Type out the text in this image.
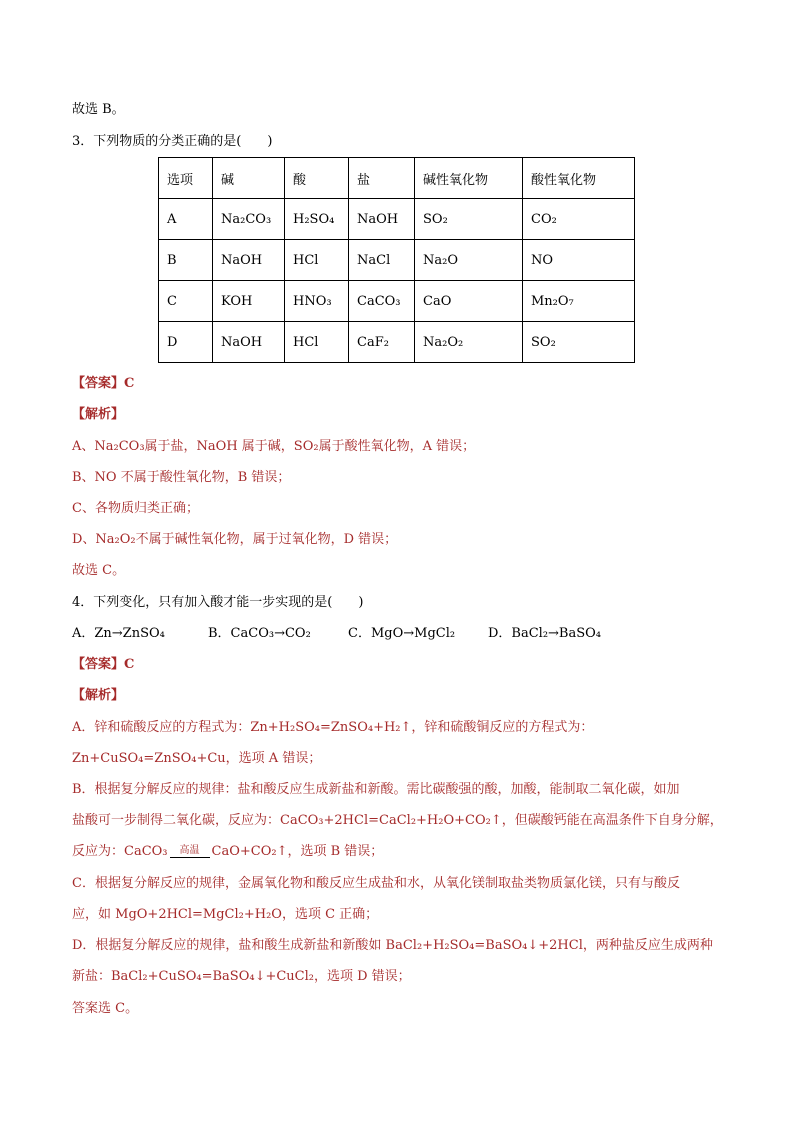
故选 B。
3．下列物质的分类正确的是(　　)
选项	碱	酸	盐	碱性氧化物	酸性氧化物
A	Na₂CO₃	H₂SO₄	NaOH	SO₂	CO₂
B	NaOH	HCl	NaCl	Na₂O	NO
C	KOH	HNO₃	CaCO₃	CaO	Mn₂O₇
D	NaOH	HCl	CaF₂	Na₂O₂	SO₂
【答案】C
【解析】
A、Na₂CO₃属于盐，NaOH 属于碱，SO₂属于酸性氧化物，A 错误；
B、NO 不属于酸性氧化物，B 错误；
C、各物质归类正确；
D、Na₂O₂不属于碱性氧化物，属于过氧化物，D 错误；
故选 C。
4．下列变化，只有加入酸才能一步实现的是(　　)
A．Zn→ZnSO₄	B．CaCO₃→CO₂	C．MgO→MgCl₂	D．BaCl₂→BaSO₄
【答案】C
【解析】
A．锌和硫酸反应的方程式为：Zn+H₂SO₄=ZnSO₄+H₂↑，锌和硫酸铜反应的方程式为：
Zn+CuSO₄=ZnSO₄+Cu，选项 A 错误；
B．根据复分解反应的规律：盐和酸反应生成新盐和新酸。需比碳酸强的酸，加酸，能制取二氧化碳，如加
盐酸可一步制得二氧化碳，反应为：CaCO₃+2HCl=CaCl₂+H₂O+CO₂↑，但碳酸钙能在高温条件下自身分解，
反应为：CaCO₃ 高温 CaO+CO₂↑，选项 B 错误；
C．根据复分解反应的规律，金属氧化物和酸反应生成盐和水，从氧化镁制取盐类物质氯化镁，只有与酸反
应，如 MgO+2HCl=MgCl₂+H₂O，选项 C 正确；
D．根据复分解反应的规律，盐和酸生成新盐和新酸如 BaCl₂+H₂SO₄=BaSO₄↓+2HCl，两种盐反应生成两种
新盐：BaCl₂+CuSO₄=BaSO₄↓+CuCl₂，选项 D 错误；
答案选 C。
